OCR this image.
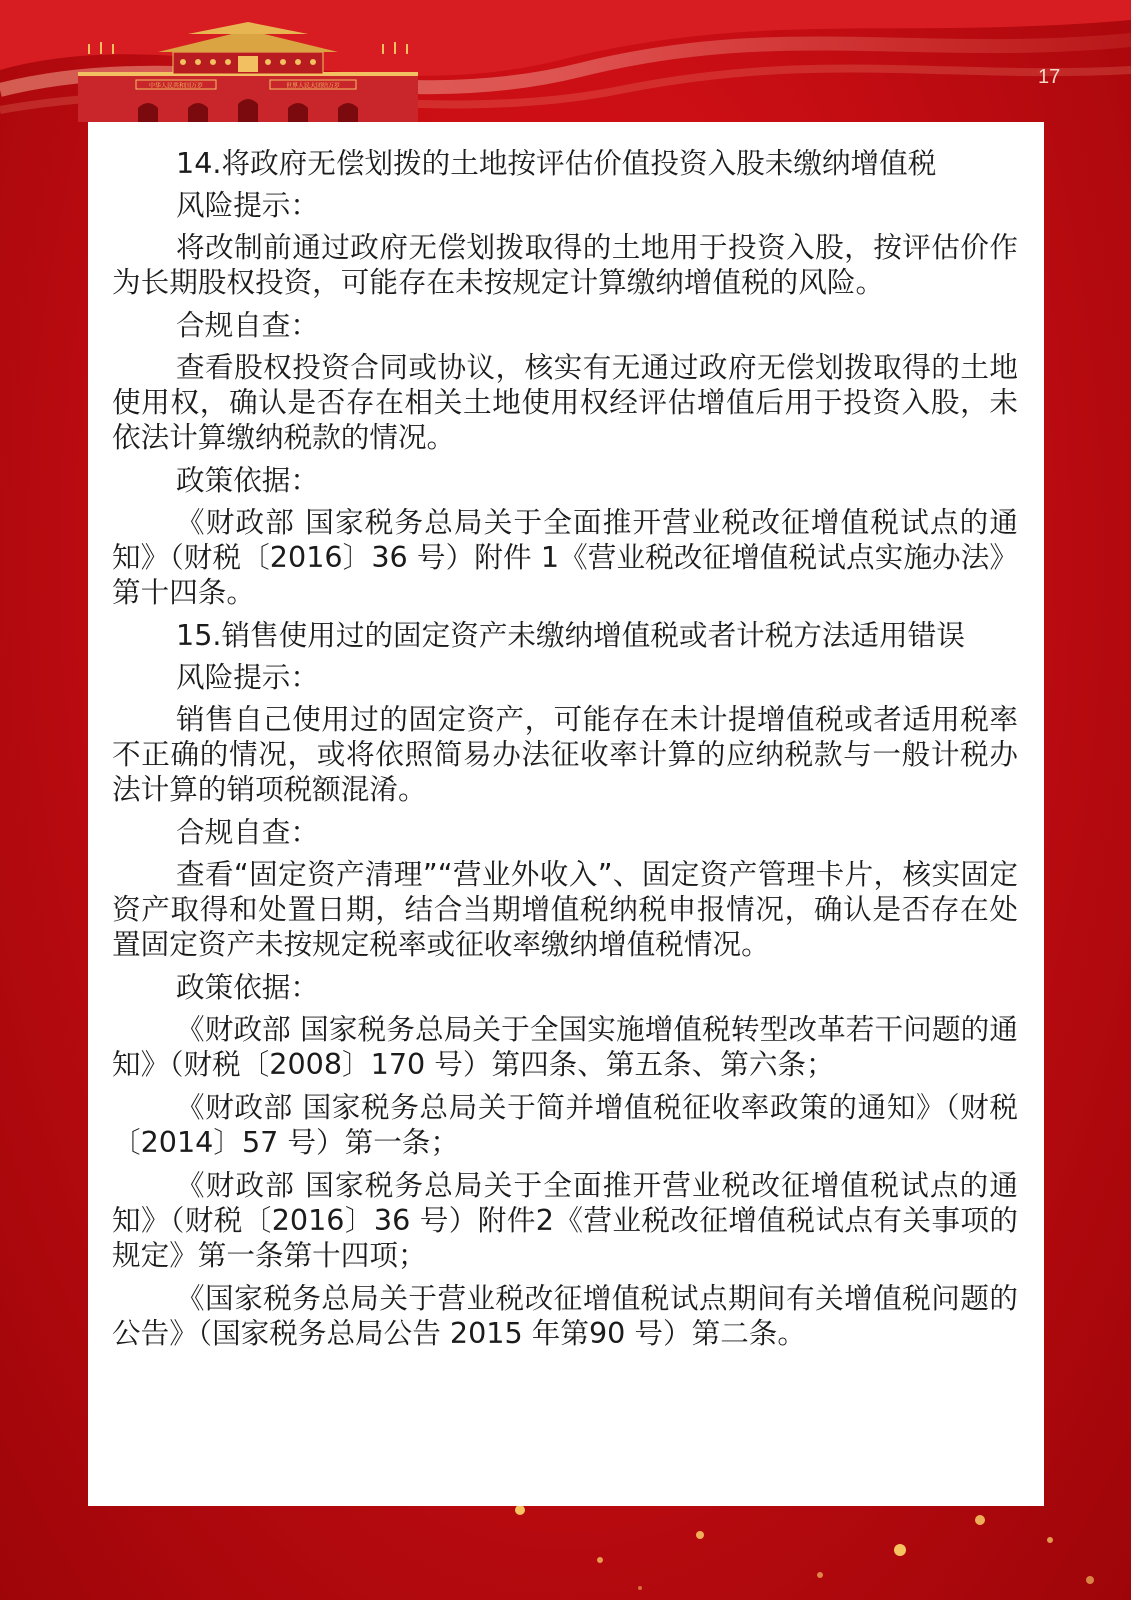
中华人民共和国万岁	世界人民大团结万岁	17

14.将政府无偿划拨的土地按评估价值投资入股未缴纳增值税

风险提示：

将改制前通过政府无偿划拨取得的土地用于投资入股，按评估价作为长期股权投资，可能存在未按规定计算缴纳增值税的风险。

合规自查：

查看股权投资合同或协议，核实有无通过政府无偿划拨取得的土地使用权，确认是否存在相关土地使用权经评估增值后用于投资入股，未依法计算缴纳税款的情况。

政策依据：

《财政部 国家税务总局关于全面推开营业税改征增值税试点的通知》（财税〔2016〕36 号）附件 1《营业税改征增值税试点实施办法》第十四条。

15.销售使用过的固定资产未缴纳增值税或者计税方法适用错误

风险提示：

销售自己使用过的固定资产，可能存在未计提增值税或者适用税率不正确的情况，或将依照简易办法征收率计算的应纳税款与一般计税办法计算的销项税额混淆。

合规自查：

查看“固定资产清理”“营业外收入”、固定资产管理卡片，核实固定资产取得和处置日期，结合当期增值税纳税申报情况，确认是否存在处置固定资产未按规定税率或征收率缴纳增值税情况。

政策依据：

《财政部 国家税务总局关于全国实施增值税转型改革若干问题的通知》（财税〔2008〕170 号）第四条、第五条、第六条；

《财政部 国家税务总局关于简并增值税征收率政策的通知》（财税〔2014〕57 号）第一条；

《财政部 国家税务总局关于全面推开营业税改征增值税试点的通知》（财税〔2016〕36 号）附件2《营业税改征增值税试点有关事项的规定》第一条第十四项；

《国家税务总局关于营业税改征增值税试点期间有关增值税问题的公告》（国家税务总局公告 2015 年第90 号）第二条。
